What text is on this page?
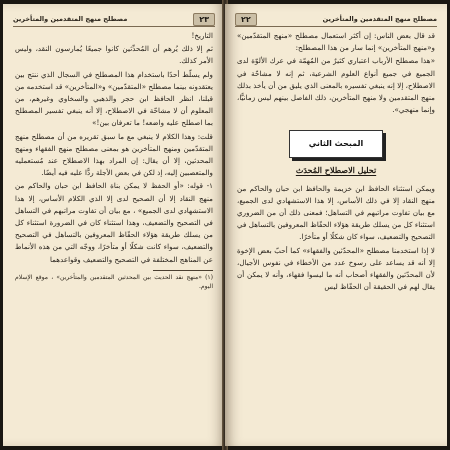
٢٣
مصطلح منهج المتقدمين والمتأخرين

التاريخ!

ثم إلا ذلك يُرهم أن المُحدِّثين كانوا جميعًا يُمارسون النقد، وليس الأمر كذلك.

ولم يسلّط أحدًا باستخدام هذا المصطلح في السجال الذي ننتج بين يعتقدونه بينما مصطلح «المتقدّمين» و«المتأخرين» قد استخدمه من قبلنا، انظر الحافظ ابن حجر والذهبي والسخاوي وغيرهم، من المعلوم أن لا مشاحّة في الاصطلاح، إلا أنه ينبغي تفسير المصطلح بما اصطلح عليه واضعه! ما تعرفان بين!»

قلت: وهذا الكلام لا ينبغي مع ما سبق تقريره من أن مصطلح منهج المتقدّمين ومنهج المتأخرين هو بمعنى مصطلح منهج الفقهاء ومنهج المحدثين، إلا أن يقال: إن المراد بهذا الاصطلاح عند مُستعمليه والمتعصبين إليه، إذ لكن في بعض الأجلة ردًّا عليه فيه أيضًا.

١- قوله: «أو الحفظ لا يمكن بناة الحافظ ابن حبان والحاكم من منهج النقاد إلا أن الصحيح لدى إلا الذي الكلام الأساس، إلا هذا الاستشهادي لدى الجميع» ، مع بيان أن تفاوت مراتبهم في التساهل في التصحيح والتضعيف، وهذا استثناء كان في الضرورة استثناء كل من يسلك طريقة هؤلاء الحفّاظ المعروفين بالتساهل في التصحيح والتضعيف، سواء كانت شكلًا أو متأخرًا، ووجّه التي من هذه الأنماط عن المناهج المختلفة في التصحيح والتضعيف وقواعدهما

(١) «منهج نقد الحديث بين المحدثين المتقدمين والمتأخرين» ، موقع الإسلام اليوم.

مصطلح منهج المتقدمين والمتأخرين
٢٢

قد قال بعض الناس: إن أكثر استعمال مصطلح «منهج المتقدّمين» و«منهج المتأخرين» إنما سار من هذا المصطلح:

«هذا مصطلح الأرباب اعتباري كثيرٌ من المُهمّة في عرك الألوّة لدى الجميع في جميع أنواع العلوم الشرعية، ثم إنه لا مشاحّة في الاصطلاح، إلا إنه ينبغي تفسيره بالمعنى الذي يليق من أن يأخذ بذلك منهج المتقدمين ولا منهج المتأخرين، ذلك الفاصل بينهم ليس زمانيًّا، وإنما منهجي».

المبحث الثاني
تحليل الاصطلاح المُحدَث

ويمكن استثناء الحافظ ابن خزيمة والحافظ ابن حبان والحاكم من منهج النقاد إلا في ذلك الأساس، إلا هذا الاستشهادي لدى الجميع، مع بيان تفاوت مراتبهم في التساهل؛ فمعنى ذلك أن من الضروري استثناء كل من يسلك طريقة هؤلاء الحفّاظ المعروفين بالتساهل في التصحيح والتضعيف، سواء كان شكلًا أو متأخرًا.

لا إذا استخدمنا مصطلح «المحدّثين والفقهاء» كما أحبّ بعض الإخوة إلا أنه قد يساعد على رسوخ عدد من الأخطاء في نفوس الأجيال، لأن المحدّثين والفقهاء أصحاب أنه ما ليسوا فقهاء، وأنه لا يمكن أن يقال لهم في الحقيقة أن الحفّاظ ليس
